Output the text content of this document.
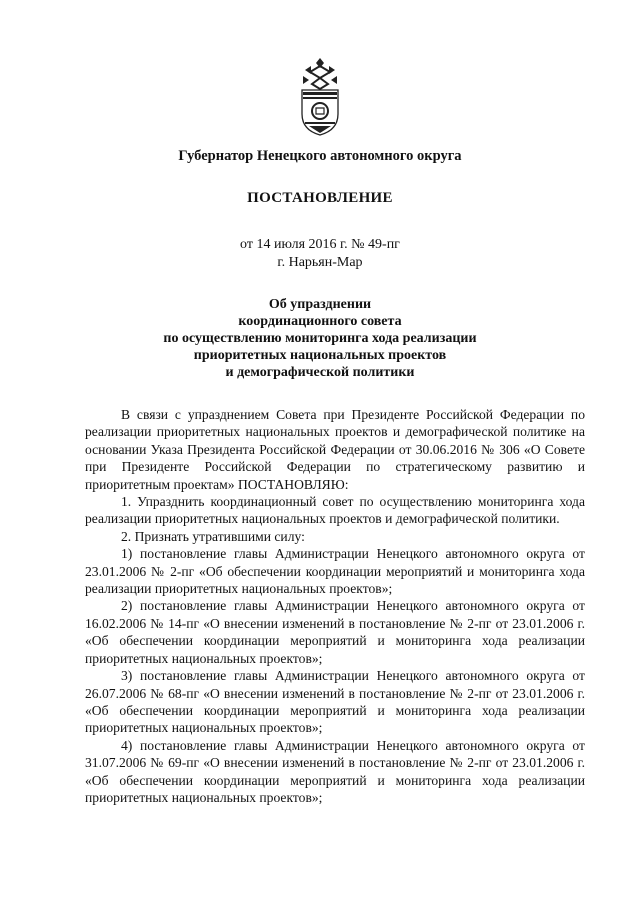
Губернатор Ненецкого автономного округа
ПОСТАНОВЛЕНИЕ
от 14 июля 2016 г. № 49-пг
г. Нарьян-Мар
Об упразднении
координационного совета
по осуществлению мониторинга хода реализации
приоритетных национальных проектов
и демографической политики

В связи с упразднением Совета при Президенте Российской Федерации по реализации приоритетных национальных проектов и демографической политике на основании Указа Президента Российской Федерации от 30.06.2016 № 306 «О Совете при Президенте Российской Федерации по стратегическому развитию и приоритетным проектам» ПОСТАНОВЛЯЮ:

1. Упразднить координационный совет по осуществлению мониторинга хода реализации приоритетных национальных проектов и демографической политики.

2. Признать утратившими силу:

1) постановление главы Администрации Ненецкого автономного округа от 23.01.2006 № 2-пг «Об обеспечении координации мероприятий и мониторинга хода реализации приоритетных национальных проектов»;

2) постановление главы Администрации Ненецкого автономного округа от 16.02.2006 № 14-пг «О внесении изменений в постановление № 2-пг от 23.01.2006 г. «Об обеспечении координации мероприятий и мониторинга хода реализации приоритетных национальных проектов»;

3) постановление главы Администрации Ненецкого автономного округа от 26.07.2006 № 68-пг «О внесении изменений в постановление № 2-пг от 23.01.2006 г. «Об обеспечении координации мероприятий и мониторинга хода реализации приоритетных национальных проектов»;

4) постановление главы Администрации Ненецкого автономного округа от 31.07.2006 № 69-пг «О внесении изменений в постановление № 2-пг от 23.01.2006 г. «Об обеспечении координации мероприятий и мониторинга хода реализации приоритетных национальных проектов»;
